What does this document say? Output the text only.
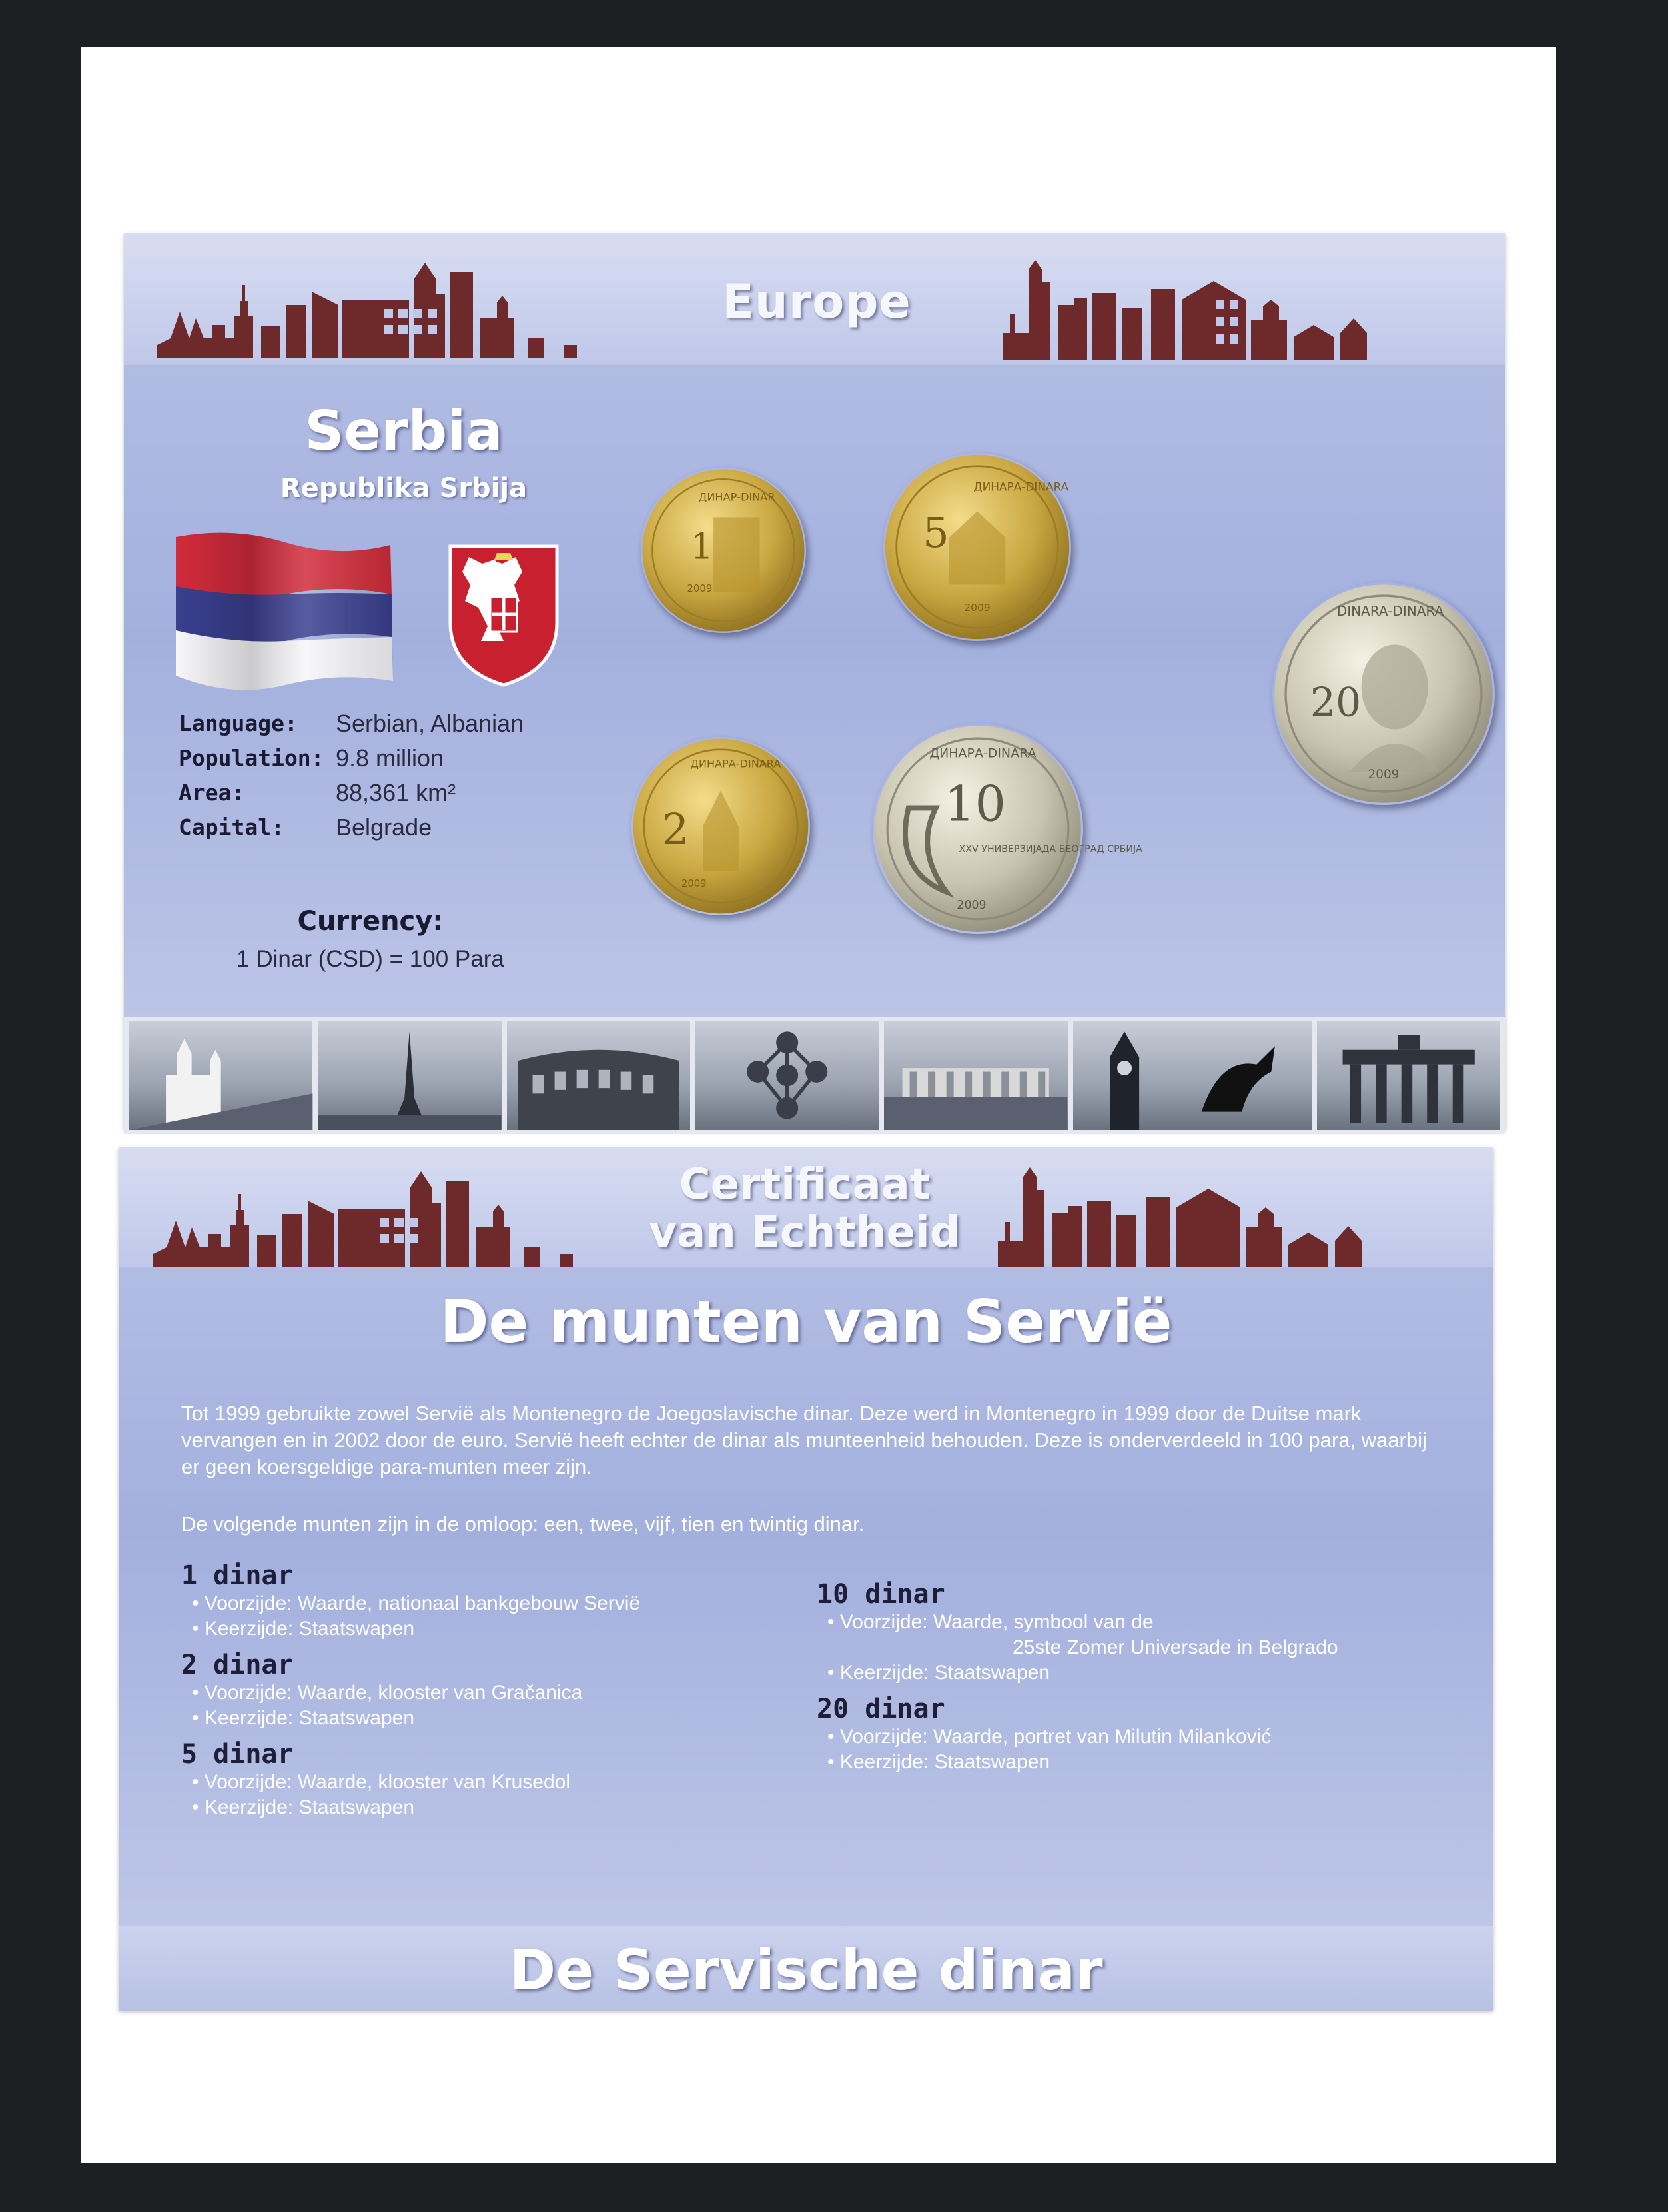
Europe
Serbia
Republika Srbija
Language:	Serbian, Albanian
Population: 9.8 million
Area:	88,361 km²
Capital:	Belgrade
Currency:
1 Dinar (CSD) = 100 Para
1
2009
ДИНАР-DINAR
5
2009
ДИНАРА-DINARA
20
2009
DINARA-DINARA
2
2009
ДИНАРА-DINARA
10
XXV УНИВЕРЗИЈАДА БЕОГРАД СРБИЈА
2009
ДИНАРА-DINARA
Certificaat
van Echtheid
De munten van Servië
Tot 1999 gebruikte zowel Servië als Montenegro de Joegoslavische dinar. Deze werd in Montenegro in 1999 door de Duitse mark vervangen en in 2002 door de euro. Servië heeft echter de dinar als munteenheid behouden. Deze is onderverdeeld in 100 para, waarbij er geen koersgeldige para-munten meer zijn.
De volgende munten zijn in de omloop: een, twee, vijf, tien en twintig dinar.
1 dinar
• Voorzijde: Waarde, nationaal bankgebouw Servië
• Keerzijde: Staatswapen
2 dinar
• Voorzijde: Waarde, klooster van Gračanica
• Keerzijde: Staatswapen
5 dinar
• Voorzijde: Waarde, klooster van Krusedol
• Keerzijde: Staatswapen
10 dinar
• Voorzijde: Waarde, symbool van de
25ste Zomer Universade in Belgrado
• Keerzijde: Staatswapen
20 dinar
• Voorzijde: Waarde, portret van Milutin Milanković
• Keerzijde: Staatswapen
De Servische dinar
